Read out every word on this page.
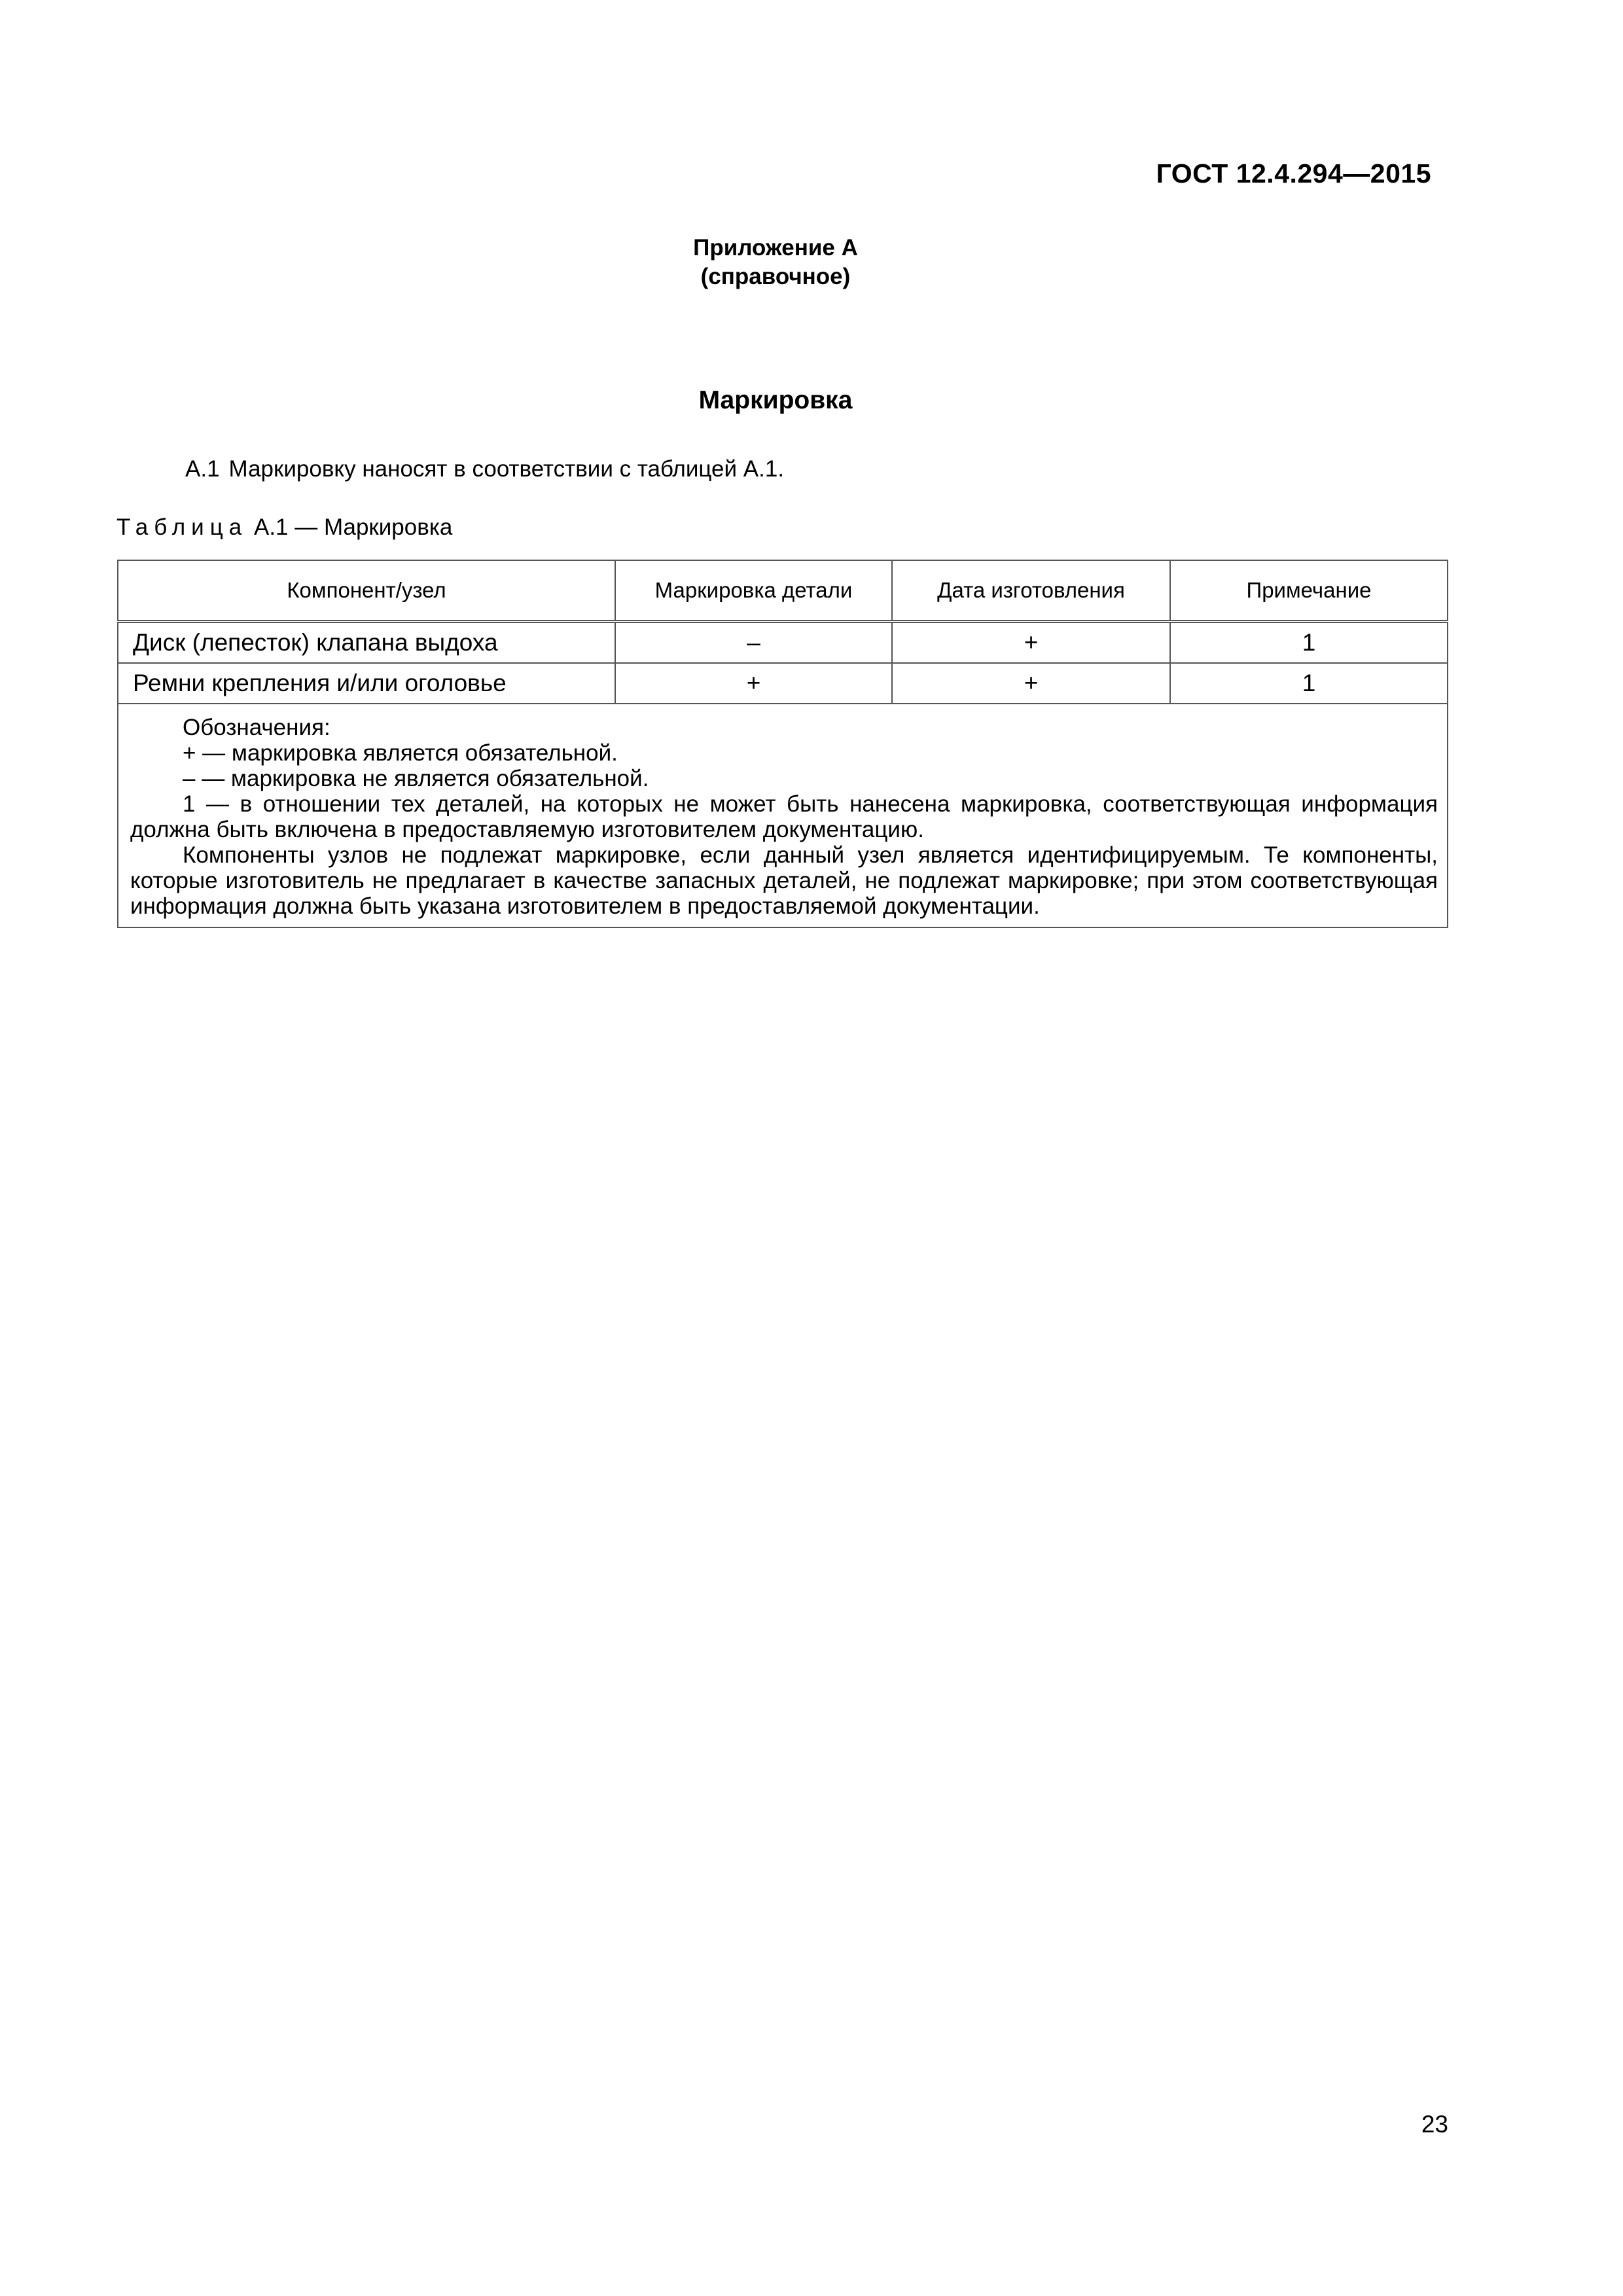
ГОСТ 12.4.294—2015
Приложение А
(справочное)
Маркировка
А.1 Маркировку наносят в соответствии с таблицей А.1.
Таблица А.1 — Маркировка
Компонент/узел	Маркировка детали	Дата изготовления	Примечание
Диск (лепесток) клапана выдоха	–	+	1
Ремни крепления и/или оголовье	+	+	1

Обозначения:
+ — маркировка является обязательной.
– — маркировка не является обязательной.
1 — в отношении тех деталей, на которых не может быть нанесена маркировка, соответствующая информация должна быть включена в предоставляемую изготовителем документацию.
Компоненты узлов не подлежат маркировке, если данный узел является идентифицируемым. Те компоненты, которые изготовитель не предлагает в качестве запасных деталей, не подлежат маркировке; при этом соответствующая информация должна быть указана изготовителем в предоставляемой документации.			
23
